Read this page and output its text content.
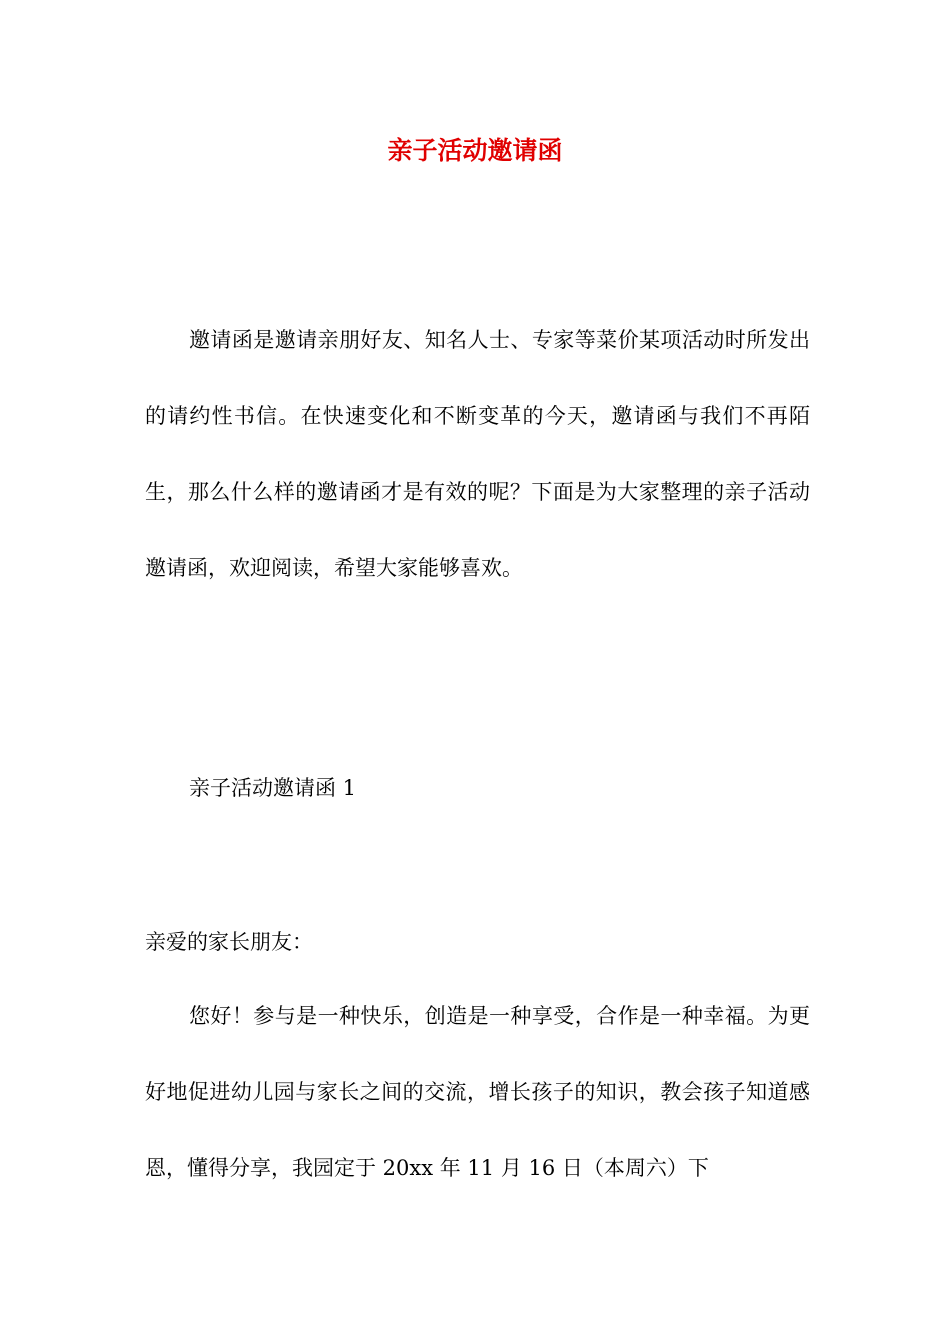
亲子活动邀请函

邀请函是邀请亲朋好友、知名人士、专家等菜价某项活动时所发出的请约性书信。在快速变化和不断变革的今天，邀请函与我们不再陌生，那么什么样的邀请函才是有效的呢？下面是为大家整理的亲子活动邀请函，欢迎阅读，希望大家能够喜欢。

亲子活动邀请函 1

亲爱的家长朋友：

您好！参与是一种快乐，创造是一种享受，合作是一种幸福。为更好地促进幼儿园与家长之间的交流，增长孩子的知识，教会孩子知道感恩，懂得分享，我园定于 20xx 年 11 月 16 日（本周六）下
